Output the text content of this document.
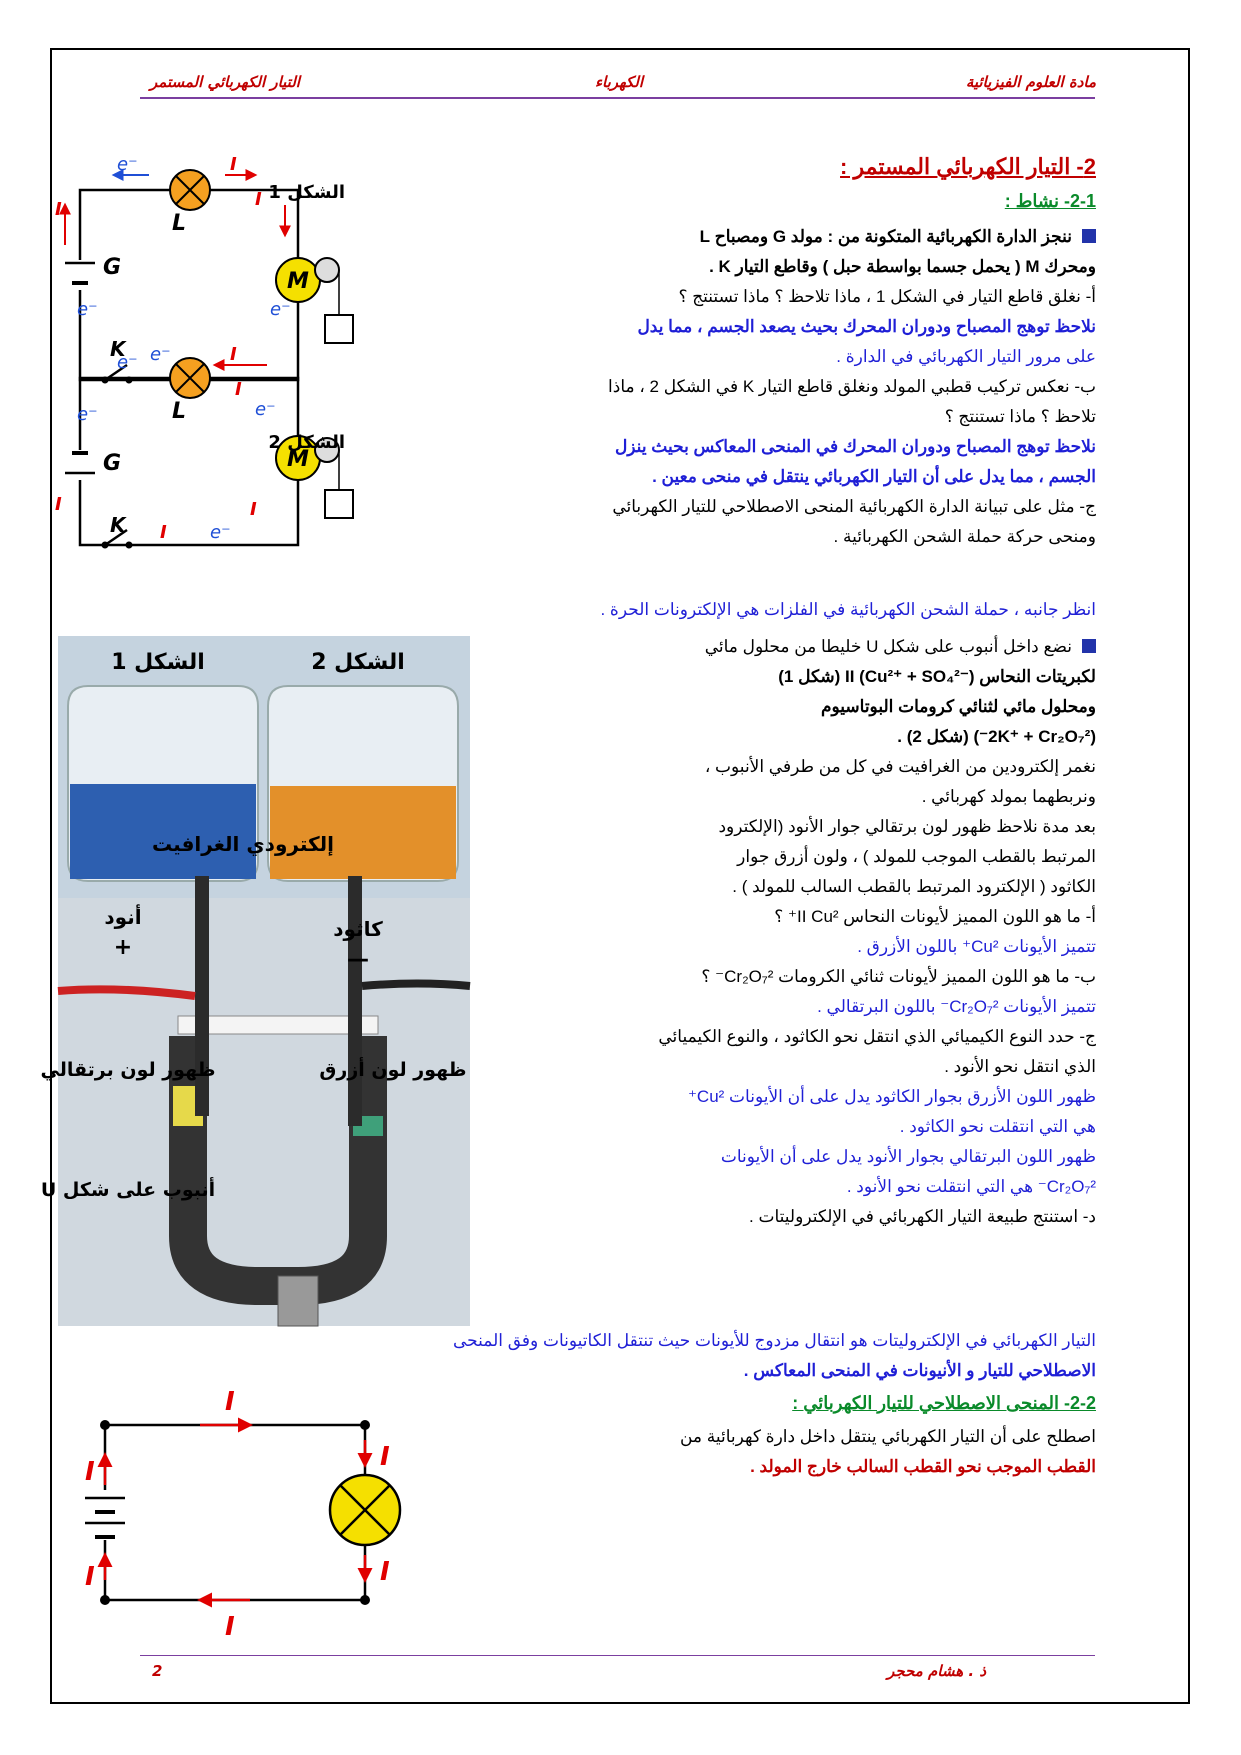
مادة العلوم الفيزيائية
الكهرباء
التيار الكهربائي المستمر
2- التيار الكهربائي المستمر :
2-1- نشاط :
ننجز الدارة الكهربائية المتكونة من : مولد G ومصباح L
ومحرك M ( يحمل جسما بواسطة حبل ) وقاطع التيار K .
أ- نغلق قاطع التيار في الشكل 1 ، ماذا تلاحظ ؟ ماذا تستنتج ؟
نلاحظ توهج المصباح ودوران المحرك بحيث يصعد الجسم ، مما يدل
على مرور التيار الكهربائي في الدارة .
ب- نعكس تركيب قطبي المولد ونغلق قاطع التيار K في الشكل 2 ، ماذا
تلاحظ ؟ ماذا تستنتج ؟
نلاحظ توهج المصباح ودوران المحرك في المنحى المعاكس بحيث ينزل
الجسم ، مما يدل على أن التيار الكهربائي ينتقل في منحى معين .
ج- مثل على تبيانة الدارة الكهربائية المنحى الاصطلاحي للتيار الكهربائي
ومنحى حركة حملة الشحن الكهربائية .
انظر جانبه ، حملة الشحن الكهربائية في الفلزات هي الإلكترونات الحرة .
نضع داخل أنبوب على شكل U خليطا من محلول مائي
لكبريتات النحاس II (Cu²⁺ + SO₄²⁻) (شكل 1)
ومحلول مائي لثنائي كرومات البوتاسيوم
(2K⁺ + Cr₂O₇²⁻) (شكل 2) .
نغمر إلكترودين من الغرافيت في كل من طرفي الأنبوب ،
ونربطهما بمولد كهربائي .
بعد مدة نلاحظ ظهور لون برتقالي جوار الأنود (الإلكترود
المرتبط بالقطب الموجب للمولد ) ، ولون أزرق جوار
الكاثود ( الإلكترود المرتبط بالقطب السالب للمولد ) .
أ- ما هو اللون المميز لأيونات النحاس II Cu²⁺ ؟
تتميز الأيونات Cu²⁺ باللون الأزرق .
ب- ما هو اللون المميز لأيونات ثنائي الكرومات Cr₂O₇²⁻ ؟
تتميز الأيونات Cr₂O₇²⁻ باللون البرتقالي .
ج- حدد النوع الكيميائي الذي انتقل نحو الكاثود ، والنوع الكيميائي
الذي انتقل نحو الأنود .
ظهور اللون الأزرق بجوار الكاثود يدل على أن الأيونات Cu²⁺
هي التي انتقلت نحو الكاثود .
ظهور اللون البرتقالي بجوار الأنود يدل على أن الأيونات
Cr₂O₇²⁻ هي التي انتقلت نحو الأنود .
د- استنتج طبيعة التيار الكهربائي في الإلكتروليتات .
التيار الكهربائي في الإلكتروليتات هو انتقال مزدوج للأيونات حيث تنتقل الكاتيونات وفق المنحى
الاصطلاحي للتيار و الأنيونات في المنحى المعاكس .
2-2- المنحى الاصطلاحي للتيار الكهربائي :
اصطلح على أن التيار الكهربائي ينتقل داخل دارة كهربائية من
القطب الموجب نحو القطب السالب خارج المولد .
M
G
L
K
e⁻	I
I	I
I
e⁻
e⁻
e⁻
الشكل 1
M
G
L
K
e⁻
I
e⁻
e⁻
I	I
I e⁻
الشكل 2
الشكل 1	الشكل 2
إلكترودي الغرافيت
أنود
+
كاثود
—
ظهور لون برتقالي	ظهور لون أزرق
أنبوب على شكل U
I
I
I
I
I
I
ذ . هشام محجر
2
